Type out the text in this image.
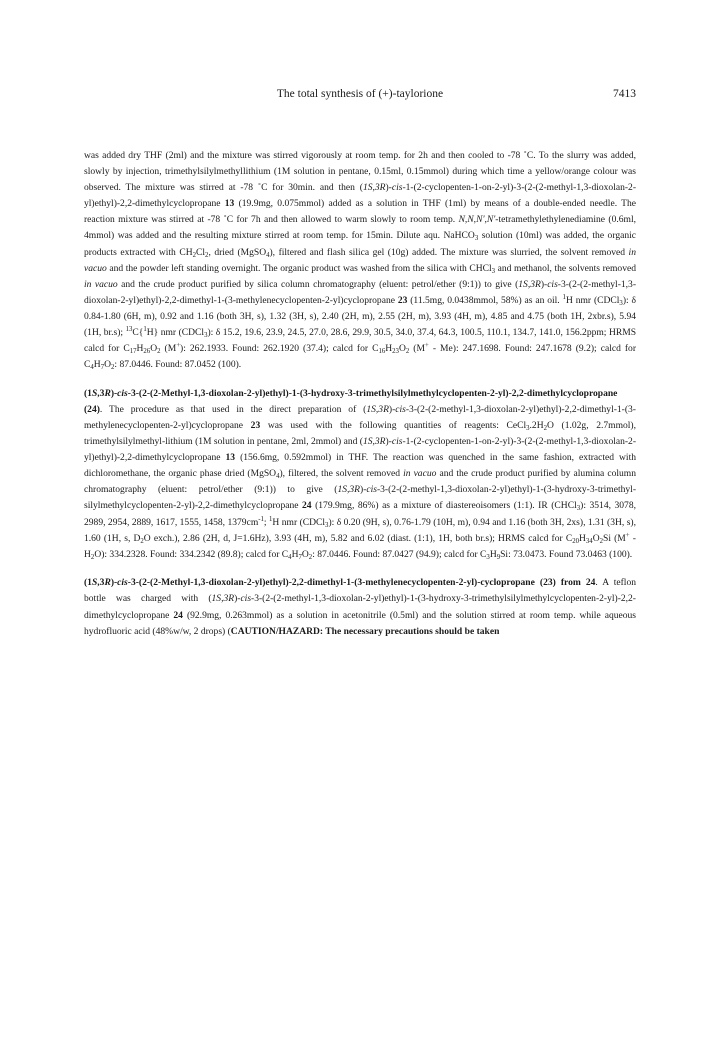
The total synthesis of (+)-taylorione	7413

was added dry THF (2ml) and the mixture was stirred vigorously at room temp. for 2h and then cooled to -78 ˚C. To the slurry was added, slowly by injection, trimethylsilylmethyllithium (1M solution in pentane, 0.15ml, 0.15mmol) during which time a yellow/orange colour was observed. The mixture was stirred at -78 ˚C for 30min. and then (1S,3R)-cis-1-(2-cyclopenten-1-on-2-yl)-3-(2-(2-methyl-1,3-dioxolan-2-yl)ethyl)-2,2-dimethylcyclopropane 13 (19.9mg, 0.075mmol) added as a solution in THF (1ml) by means of a double-ended needle. The reaction mixture was stirred at -78 ˚C for 7h and then allowed to warm slowly to room temp. N,N,N',N'-tetramethylethylenediamine (0.6ml, 4mmol) was added and the resulting mixture stirred at room temp. for 15min. Dilute aqu. NaHCO$_3$ solution (10ml) was added, the organic products extracted with $CH_2Cl_2$, dried (MgSO$_4$), filtered and flash silica gel (10g) added. The mixture was slurried, the solvent removed in vacuo and the powder left standing overnight. The organic product was washed from the silica with CHCl$_3$ and methanol, the solvents removed in vacuo and the crude product purified by silica column chromatography (eluent: petrol/ether (9:1)) to give (1S,3R)-cis-3-(2-(2-methyl-1,3-dioxolan-2-yl)ethyl)-2,2-dimethyl-1-(3-methylenecyclopenten-2-yl)cyclopropane 23 (11.5mg, 0.0438mmol, 58%) as an oil. $^1$H nmr (CDCl$_3$): δ 0.84-1.80 (6H, m), 0.92 and 1.16 (both 3H, s), 1.32 (3H, s), 2.40 (2H, m), 2.55 (2H, m), 3.93 (4H, m), 4.85 and 4.75 (both 1H, 2xbr.s), 5.94 (1H, br.s); $^{13}$C{$^1$H} nmr (CDCl$_3$): δ 15.2, 19.6, 23.9, 24.5, 27.0, 28.6, 29.9, 30.5, 34.0, 37.4, 64.3, 100.5, 110.1, 134.7, 141.0, 156.2ppm; HRMS calcd for $C_{17}H_{26}O_2$ (M+): 262.1933. Found: 262.1920 (37.4); calcd for $C_{16}H_{23}O_2$ (M+ - Me): 247.1698. Found: 247.1678 (9.2); calcd for $C_4H_7O_2$: 87.0446. Found: 87.0452 (100).

(1S,3R)-cis-3-(2-(2-Methyl-1,3-dioxolan-2-yl)ethyl)-1-(3-hydroxy-3-trimethylsilylmethylcyclopenten-2-yl)-2,2-dimethylcyclopropane (24). The procedure as that used in the direct preparation of (1S,3R)-cis-3-(2-(2-methyl-1,3-dioxolan-2-yl)ethyl)-2,2-dimethyl-1-(3-methylenecyclopenten-2-yl)cyclopropane 23 was used with the following quantities of reagents: $CeCl_3.2H_2O$ (1.02g, 2.7mmol), trimethylsilylmethyl-lithium (1M solution in pentane, 2ml, 2mmol) and (1S,3R)-cis-1-(2-cyclopenten-1-on-2-yl)-3-(2-(2-methyl-1,3-dioxolan-2-yl)ethyl)-2,2-dimethylcyclopropane 13 (156.6mg, 0.592mmol) in THF. The reaction was quenched in the same fashion, extracted with dichloromethane, the organic phase dried (MgSO$_4$), filtered, the solvent removed in vacuo and the crude product purified by alumina column chromatography (eluent: petrol/ether (9:1)) to give (1S,3R)-cis-3-(2-(2-methyl-1,3-dioxolan-2-yl)ethyl)-1-(3-hydroxy-3-trimethyl-silylmethylcyclopenten-2-yl)-2,2-dimethylcyclopropane 24 (179.9mg, 86%) as a mixture of diastereoisomers (1:1). IR (CHCl$_3$): 3514, 3078, 2989, 2954, 2889, 1617, 1555, 1458, $1379cm^{-1}$; $^1$H nmr (CDCl$_3$): δ 0.20 (9H, s), 0.76-1.79 (10H, m), 0.94 and 1.16 (both 3H, 2xs), 1.31 (3H, s), 1.60 (1H, s, $D_2O$ exch.), 2.86 (2H, d, J=1.6Hz), 3.93 (4H, m), 5.82 and 6.02 (diast. (1:1), 1H, both br.s); HRMS calcd for $C_{20}H_{34}O_2Si$ $(M^+ - H_2O)$: 334.2328. Found: 334.2342 (89.8); calcd for $C_4H_7O_2$: 87.0446. Found: 87.0427 (94.9); calcd for $C_3H_9Si$: 73.0473. Found 73.0463 (100).

(1S,3R)-cis-3-(2-(2-Methyl-1,3-dioxolan-2-yl)ethyl)-2,2-dimethyl-1-(3-methylenecyclopenten-2-yl)-cyclopropane (23) from 24. A teflon bottle was charged with (1S,3R)-cis-3-(2-(2-methyl-1,3-dioxolan-2-yl)ethyl)-1-(3-hydroxy-3-trimethylsilylmethylcyclopenten-2-yl)-2,2-dimethylcyclopropane 24 (92.9mg, 0.263mmol) as a solution in acetonitrile (0.5ml) and the solution stirred at room temp. while aqueous hydrofluoric acid (48%w/w, 2 drops) (CAUTION/HAZARD: The necessary precautions should be taken
